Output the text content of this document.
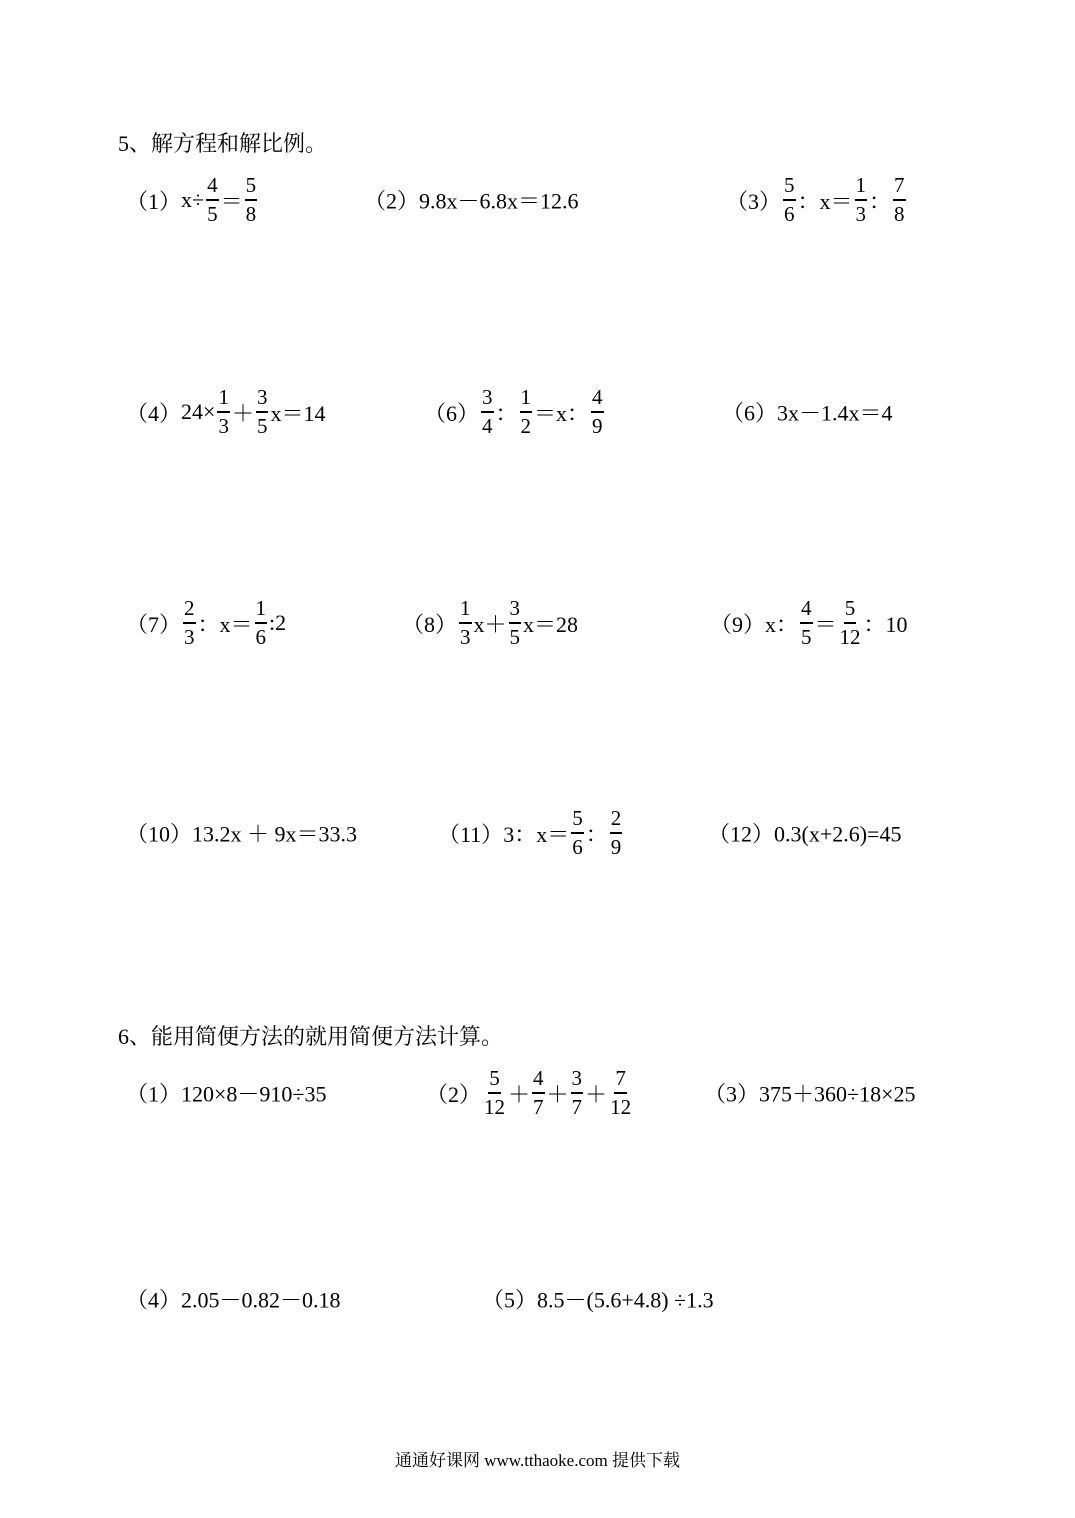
5、解方程和解比例。
（1） $x\div \frac{4}{5} = \frac{5}{8}$	（2）9.8x－6.8x＝12.6	$(3) \frac{5}{6}$ ：$x= \frac{1}{3}$ ： $\frac{7}{8}$
（4） $24\times \frac{1}{3} + \frac{3}{5} x=14$	$(6) \frac{3}{4}$ ： $\frac{1}{2} =x$： $\frac{4}{9}$	（6）3x－1.4x＝4
$(7) \frac{2}{3}$ ：$x= \frac{1}{6}$ :2	$(8) \frac{1}{3} x+ \frac{3}{5} x=28$	（9） x： $\frac{4}{5} = \frac{5}{12}$ ：10
（10）13.2x ＋ 9x＝33.3	（11） 3：$x= \frac{5}{6}$ ： $\frac{2}{9}$	（12）0.3(x+2.6)=45
6、能用简便方法的就用简便方法计算。
（1）120×8－910÷35	$(2) \frac{5}{12} + \frac{4}{7} + \frac{3}{7} + \frac{7}{12}$	（3）375＋360÷18×25
（4）2.05－0.82－0.18	（5）8.5－(5.6+4.8) ÷1.3
通通好课网 www.tthaoke.com 提供下载
